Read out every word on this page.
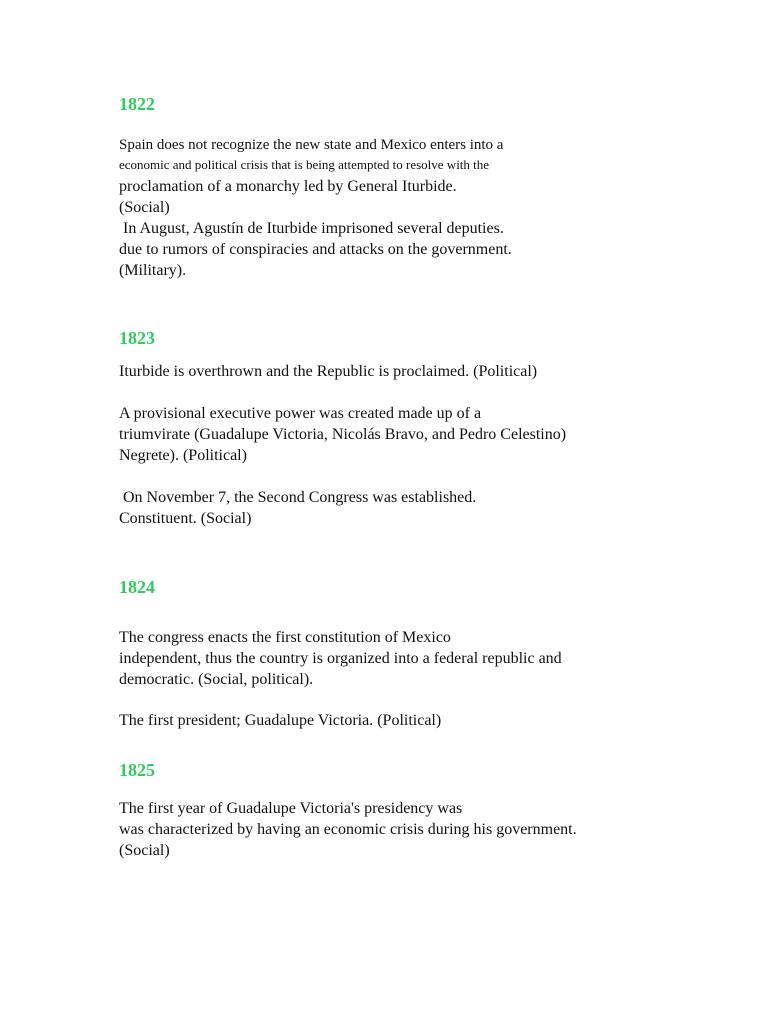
1822
Spain does not recognize the new state and Mexico enters into a
economic and political crisis that is being attempted to resolve with the
proclamation of a monarchy led by General Iturbide.
(Social)
In August, Agustín de Iturbide imprisoned several deputies.
due to rumors of conspiracies and attacks on the government.
(Military).
1823
Iturbide is overthrown and the Republic is proclaimed. (Political)
A provisional executive power was created made up of a
triumvirate (Guadalupe Victoria, Nicolás Bravo, and Pedro Celestino)
Negrete). (Political)
On November 7, the Second Congress was established.
Constituent. (Social)
1824
The congress enacts the first constitution of Mexico
independent, thus the country is organized into a federal republic and
democratic. (Social, political).
The first president; Guadalupe Victoria. (Political)
1825
The first year of Guadalupe Victoria's presidency was
was characterized by having an economic crisis during his government.
(Social)
